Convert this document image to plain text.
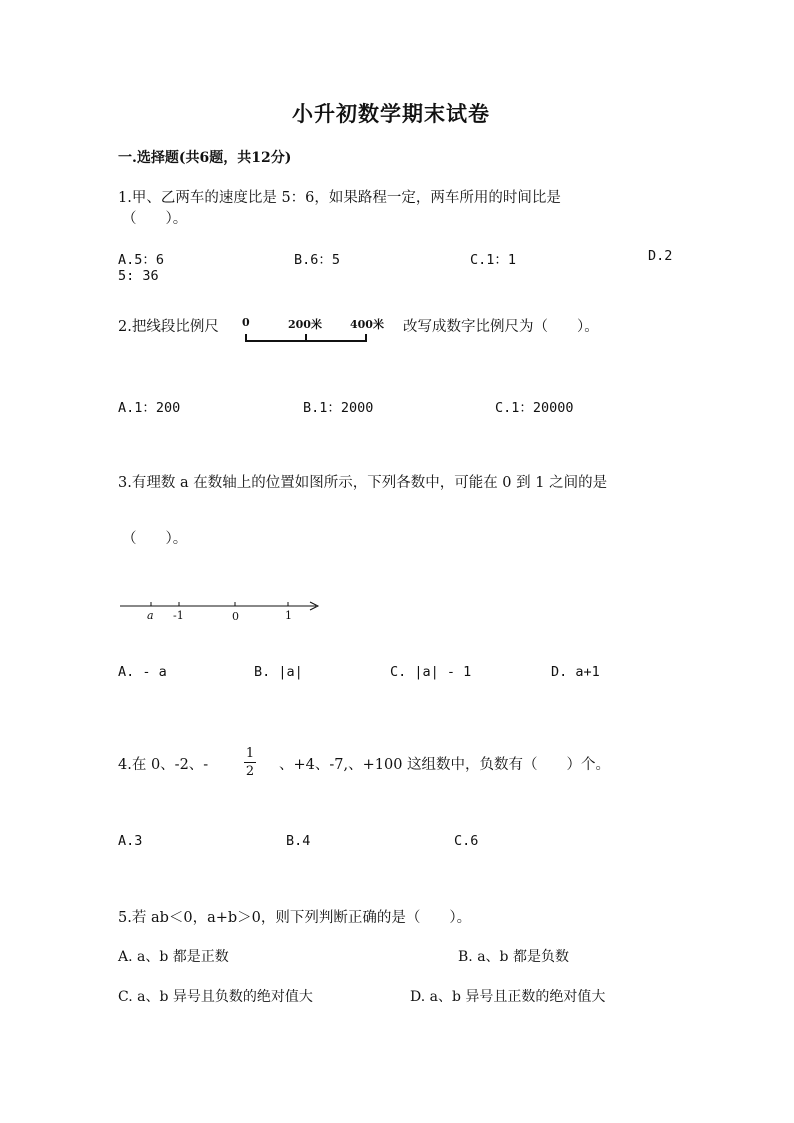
小升初数学期末试卷
一.选择题(共6题，共12分)
1.甲、乙两车的速度比是 5：6，如果路程一定，两车所用的时间比是
（　　）。
A.5：6	B.6：5	C.1：1	D.2
5: 36
2.把线段比例尺 0	200米	400米 改写成数字比例尺为（　　）。
A.1：200	B.1：2000	C.1：20000
3.有理数 a 在数轴上的位置如图所示，下列各数中，可能在 0 到 1 之间的是
（　　）。
a -1	0	1
A. - a	B. |a|	C. |a| - 1	D. a+1
4.在 0、-2、-
1
2 、+4、-7,、+100 这组数中，负数有（　　）个。
A.3	B.4	C.6
5.若 ab＜0，a+b＞0，则下列判断正确的是（　　）。
A. a、b 都是正数	B. a、b 都是负数
C. a、b 异号且负数的绝对值大	D. a、b 异号且正数的绝对值大
